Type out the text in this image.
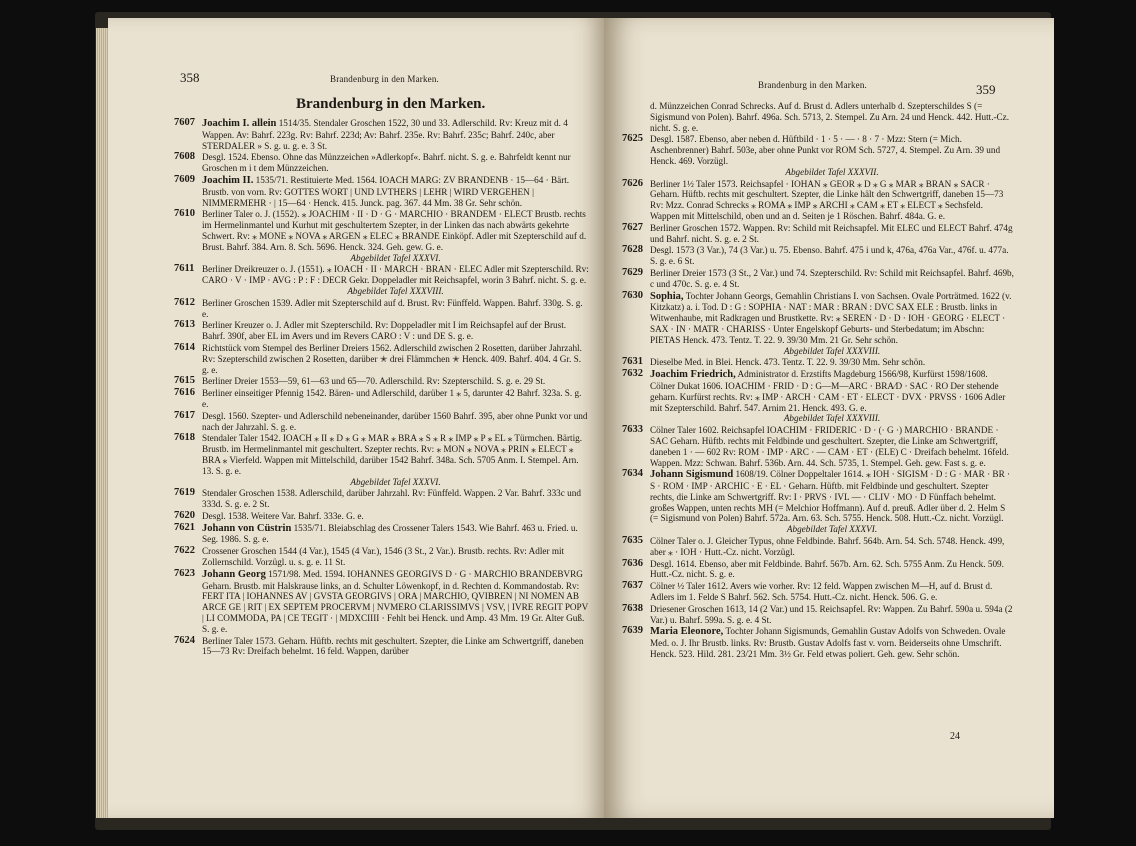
358	Brandenburg in den Marken.
Brandenburg in den Marken.
7607 Joachim I. allein 1514/35. Stendaler Groschen 1522, 30 und 33. Adlerschild. Rv: Kreuz mit d. 4 Wappen. Av: Bahrf. 223g. Rv: Bahrf. 223d; Av: Bahrf. 235e. Rv: Bahrf. 235c; Bahrf. 240c, aber STERDALER » S. g. u. g. e. 3 St.
7608 Desgl. 1524. Ebenso. Ohne das Münzzeichen »Adlerkopf«. Bahrf. nicht. S. g. e. Bahrfeldt kennt nur Groschen m i t dem Münzzeichen.
7609 Joachim II. 1535/71. Restituierte Med. 1564. IOACH MARG: ZV BRANDENB · 15—64 · Bärt. Brustb. von vorn. Rv: GOTTES WORT | UND LVTHERS | LEHR | WIRD VERGEHEN | NIMMERMEHR · | 15—64 · Henck. 415. Junck. pag. 367. 44 Mm. 38 Gr. Sehr schön.
7610 Berliner Taler o. J. (1552). ⁎ JOACHIM · II · D · G · MARCHIO · BRANDEM · ELECT Brustb. rechts im Hermelinmantel und Kurhut mit geschultertem Szepter, in der Linken das nach abwärts gekehrte Schwert. Rv: ⁎ MONE ⁎ NOVA ⁎ ARGEN ⁎ ELEC ⁎ BRANDE Einköpf. Adler mit Szepterschild auf d. Brust. Bahrf. 384. Arn. 8. Sch. 5696. Henck. 324. Geh. gew. G. e.
Abgebildet Tafel XXXVI.
7611 Berliner Dreikreuzer o. J. (1551). ⁎ IOACH · II · MARCH · BRAN · ELEC Adler mit Szepterschild. Rv: CARO · V · IMP · AVG : P : F : DECR Gekr. Doppeladler mit Reichsapfel, worin 3 Bahrf. nicht. S. g. e.
Abgebildet Tafel XXXVIII.
7612 Berliner Groschen 1539. Adler mit Szepterschild auf d. Brust. Rv: Fünffeld. Wappen. Bahrf. 330g. S. g. e.
7613 Berliner Kreuzer o. J. Adler mit Szepterschild. Rv: Doppeladler mit I im Reichsapfel auf der Brust. Bahrf. 390f, aber EL im Avers und im Revers CARO : V : und DE S. g. e.
7614 Richtstück vom Stempel des Berliner Dreiers 1562. Adlerschild zwischen 2 Rosetten, darüber Jahrzahl. Rv: Szepterschild zwischen 2 Rosetten, darüber ✭ drei Flämmchen ✭ Henck. 409. Bahrf. 404. 4 Gr. S. g. e.
7615 Berliner Dreier 1553—59, 61—63 und 65—70. Adlerschild. Rv: Szepterschild. S. g. e. 29 St.
7616 Berliner einseitiger Pfennig 1542. Bären- und Adlerschild, darüber 1 ⁎ 5, darunter 42 Bahrf. 323a. S. g. e.
7617 Desgl. 1560. Szepter- und Adlerschild nebeneinander, darüber 1560 Bahrf. 395, aber ohne Punkt vor und nach der Jahrzahl. S. g. e.
7618 Stendaler Taler 1542. IOACH ⁎ II ⁎ D ⁎ G ⁎ MAR ⁎ BRA ⁎ S ⁎ R ⁎ IMP ⁎ P ⁎ EL ⁎ Türmchen. Bärtig. Brustb. im Hermelinmantel mit geschultert. Szepter rechts. Rv: ⁎ MON ⁎ NOVA ⁎ PRIN ⁎ ELECT ⁎ BRA ⁎ Vierfeld. Wappen mit Mittelschild, darüber 1542 Bahrf. 348a. Sch. 5705 Anm. I. Stempel. Arn. 13. S. g. e.
Abgebildet Tafel XXXVI.
7619 Stendaler Groschen 1538. Adlerschild, darüber Jahrzahl. Rv: Fünffeld. Wappen. 2 Var. Bahrf. 333c und 333d. S. g. e. 2 St.
7620 Desgl. 1538. Weitere Var. Bahrf. 333e. G. e.
7621 Johann von Cüstrin 1535/71. Bleiabschlag des Crossener Talers 1543. Wie Bahrf. 463 u. Fried. u. Seg. 1986. S. g. e.
7622 Crossener Groschen 1544 (4 Var.), 1545 (4 Var.), 1546 (3 St., 2 Var.). Brustb. rechts. Rv: Adler mit Zollernschild. Vorzügl. u. s. g. e. 11 St.
7623 Johann Georg 1571/98. Med. 1594. IOHANNES GEORGIVS D · G · MARCHIO BRANDEBVRG Geharn. Brustb. mit Halskrause links, an d. Schulter Löwenkopf, in d. Rechten d. Kommandostab. Rv: FERT ITA | IOHANNES AV | GVSTA GEORGIVS | ORA | MARCHIO, QVIBREN | NI NOMEN AB ARCE GE | RIT | EX SEPTEM PROCERVM | NVMERO CLARISSIMVS | VSV, | IVRE REGIT POPV | LI COMMODA, PA | CE TEGIT · | MDXCIIII · Fehlt bei Henck. und Amp. 43 Mm. 19 Gr. Alter Guß. S. g. e.
7624 Berliner Taler 1573. Geharn. Hüftb. rechts mit geschultert. Szepter, die Linke am Schwertgriff, daneben 15—73 Rv: Dreifach behelmt. 16 feld. Wappen, darüber
Brandenburg in den Marken.	359
d. Münzzeichen Conrad Schrecks. Auf d. Brust d. Adlers unterhalb d. Szepterschildes S (= Sigismund von Polen). Bahrf. 496a. Sch. 5713, 2. Stempel. Zu Arn. 24 und Henck. 442. Hutt.-Cz. nicht. S. g. e.
7625 Desgl. 1587. Ebenso, aber neben d. Hüftbild · 1 · 5 · — · 8 · 7 · Mzz: Stern (= Mich. Aschenbrenner) Bahrf. 503e, aber ohne Punkt vor ROM Sch. 5727, 4. Stempel. Zu Arn. 39 und Henck. 469. Vorzügl.
Abgebildet Tafel XXXVII.
7626 Berliner 1½ Taler 1573. Reichsapfel · IOHAN ⁎ GEOR ⁎ D ⁎ G ⁎ MAR ⁎ BRAN ⁎ SACR · Geharn. Hüftb. rechts mit geschultert. Szepter, die Linke hält den Schwertgriff, daneben 15—73 Rv: Mzz. Conrad Schrecks ⁎ ROMA ⁎ IMP ⁎ ARCHI ⁎ CAM ⁎ ET ⁎ ELECT ⁎ Sechsfeld. Wappen mit Mittelschild, oben und an d. Seiten je 1 Röschen. Bahrf. 484a. G. e.
7627 Berliner Groschen 1572. Wappen. Rv: Schild mit Reichsapfel. Mit ELEC und ELECT Bahrf. 474g und Bahrf. nicht. S. g. e. 2 St.
7628 Desgl. 1573 (3 Var.), 74 (3 Var.) u. 75. Ebenso. Bahrf. 475 i und k, 476a, 476a Var., 476f. u. 477a. S. g. e. 6 St.
7629 Berliner Dreier 1573 (3 St., 2 Var.) und 74. Szepterschild. Rv: Schild mit Reichsapfel. Bahrf. 469b, c und 470c. S. g. e. 4 St.
7630 Sophia, Tochter Johann Georgs, Gemahlin Christians I. von Sachsen. Ovale Porträtmed. 1622 (v. Kitzkatz) a. i. Tod. D : G : SOPHIA · NAT : MAR : BRAN : DVC SAX ELE : Brustb. links in Witwenhaube, mit Radkragen und Brustkette. Rv: ⁎ SEREN · D · D · IOH · GEORG · ELECT · SAX · IN · MATR · CHARISS · Unter Engelskopf Geburts- und Sterbedatum; im Abschn: PIETAS Henck. 473. Tentz. T. 22. 9. 39/30 Mm. 21 Gr. Sehr schön.
Abgebildet Tafel XXXVIII.
7631 Dieselbe Med. in Blei. Henck. 473. Tentz. T. 22. 9. 39/30 Mm. Sehr schön.
7632 Joachim Friedrich, Administrator d. Erzstifts Magdeburg 1566/98, Kurfürst 1598/1608. Cölner Dukat 1606. IOACHIM · FRID · D : G—M—ARC · BRA⁄D · SAC · RO Der stehende geharn. Kurfürst rechts. Rv: ⁎ IMP · ARCH · CAM · ET · ELECT · DVX · PRVSS · 1606 Adler mit Szepterschild. Bahrf. 547. Arnim 21. Henck. 493. G. e.
Abgebildet Tafel XXXVIII.
7633 Cölner Taler 1602. Reichsapfel IOACHIM · FRIDERIC · D · (· G ·) MARCHIO · BRANDE · SAC Geharn. Hüftb. rechts mit Feldbinde und geschultert. Szepter, die Linke am Schwertgriff, daneben 1 · — 602 Rv: ROM · IMP · ARC · — CAM · ET · (ELE) C · Dreifach behelmt. 16feld. Wappen. Mzz: Schwan. Bahrf. 536b. Arn. 44. Sch. 5735, 1. Stempel. Geh. gew. Fast s. g. e.
7634 Johann Sigismund 1608/19. Cölner Doppeltaler 1614. ⁎ IOH · SIGISM · D : G · MAR · BR · S · ROM · IMP · ARCHIC · E · EL · Geharn. Hüftb. mit Feldbinde und geschultert. Szepter rechts, die Linke am Schwertgriff. Rv: I · PRVS · IVL — · CLIV · MO · D Fünffach behelmt. großes Wappen, unten rechts MH (= Melchior Hoffmann). Auf d. preuß. Adler über d. 2. Helm S (= Sigismund von Polen) Bahrf. 572a. Arn. 63. Sch. 5755. Henck. 508. Hutt.-Cz. nicht. Vorzügl.
Abgebildet Tafel XXXVI.
7635 Cölner Taler o. J. Gleicher Typus, ohne Feldbinde. Bahrf. 564b. Arn. 54. Sch. 5748. Henck. 499, aber ⁎ · IOH · Hutt.-Cz. nicht. Vorzügl.
7636 Desgl. 1614. Ebenso, aber mit Feldbinde. Bahrf. 567b. Arn. 62. Sch. 5755 Anm. Zu Henck. 509. Hutt.-Cz. nicht. S. g. e.
7637 Cölner ½ Taler 1612. Avers wie vorher. Rv: 12 feld. Wappen zwischen M—H, auf d. Brust d. Adlers im 1. Felde S Bahrf. 562. Sch. 5754. Hutt.-Cz. nicht. Henck. 506. G. e.
7638 Driesener Groschen 1613, 14 (2 Var.) und 15. Reichsapfel. Rv: Wappen. Zu Bahrf. 590a u. 594a (2 Var.) u. Bahrf. 599a. S. g. e. 4 St.
7639 Maria Eleonore, Tochter Johann Sigismunds, Gemahlin Gustav Adolfs von Schweden. Ovale Med. o. J. Ihr Brustb. links. Rv: Brustb. Gustav Adolfs fast v. vorn. Beiderseits ohne Umschrift. Henck. 523. Hild. 281. 23/21 Mm. 3½ Gr. Feld etwas poliert. Geh. gew. Sehr schön.
24
